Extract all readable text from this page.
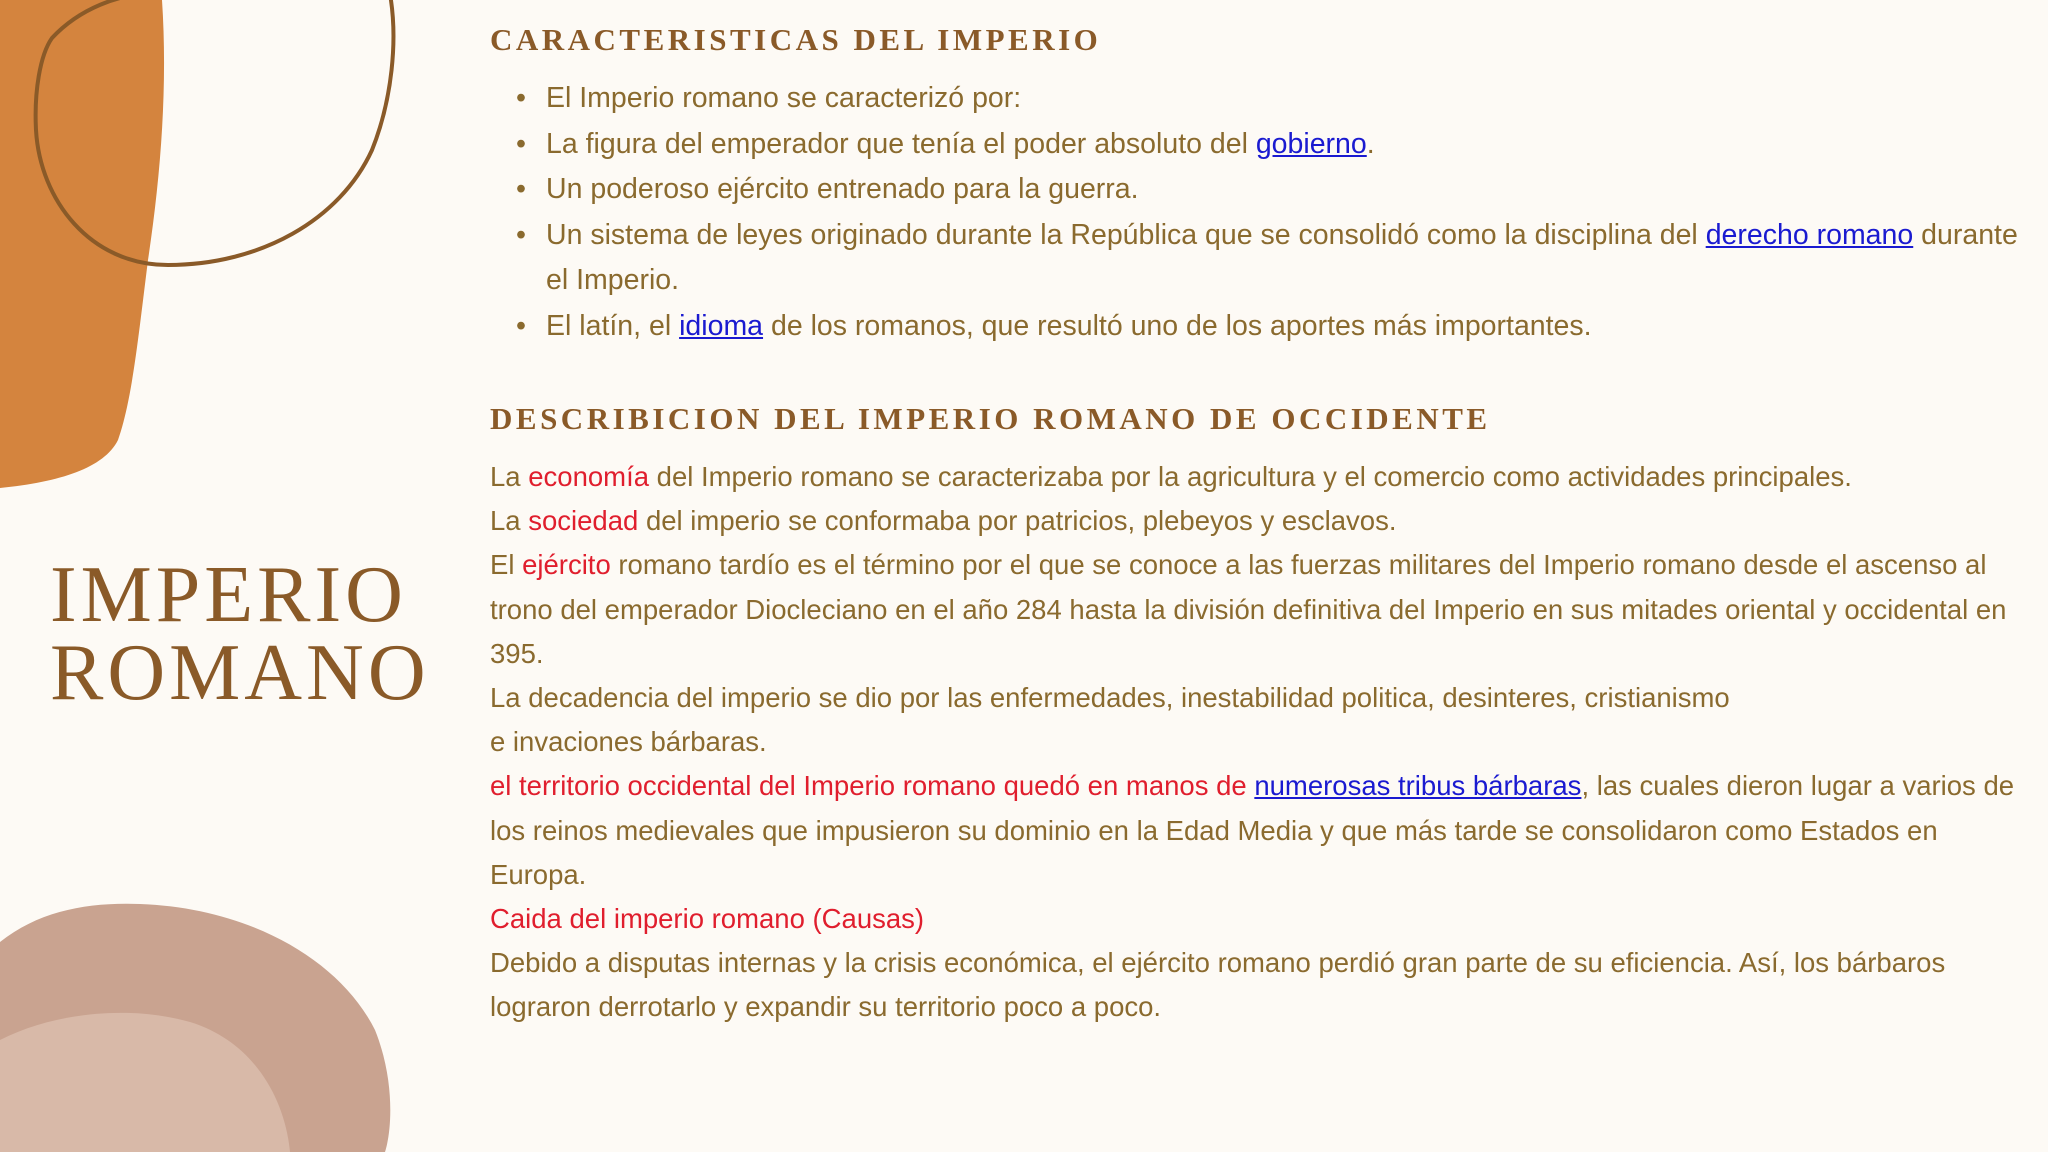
IMPERIO
ROMANO
CARACTERISTICAS DEL IMPERIO
• El Imperio romano se caracterizó por:
• La figura del emperador que tenía el poder absoluto del gobierno.
• Un poderoso ejército entrenado para la guerra.
• Un sistema de leyes originado durante la República que se consolidó como la disciplina del derecho romano durante el Imperio.
• El latín, el idioma de los romanos, que resultó uno de los aportes más importantes.
DESCRIBICION DEL IMPERIO ROMANO DE OCCIDENTE

La economía del Imperio romano se caracterizaba por la agricultura y el comercio como actividades principales.

La sociedad del imperio se conformaba por patricios, plebeyos y esclavos.

El ejército romano tardío es el término por el que se conoce a las fuerzas militares del Imperio romano desde el ascenso al trono del emperador Diocleciano en el año 284 hasta la división definitiva del Imperio en sus mitades oriental y occidental en 395.

La decadencia del imperio se dio por las enfermedades, inestabilidad politica, desinteres, cristianismo
e invaciones bárbaras.

el territorio occidental del Imperio romano quedó en manos de numerosas tribus bárbaras, las cuales dieron lugar a varios de los reinos medievales que impusieron su dominio en la Edad Media y que más tarde se consolidaron como Estados en Europa.

Caida del imperio romano (Causas)

Debido a disputas internas y la crisis económica, el ejército romano perdió gran parte de su eficiencia. Así, los bárbaros lograron derrotarlo y expandir su territorio poco a poco.
